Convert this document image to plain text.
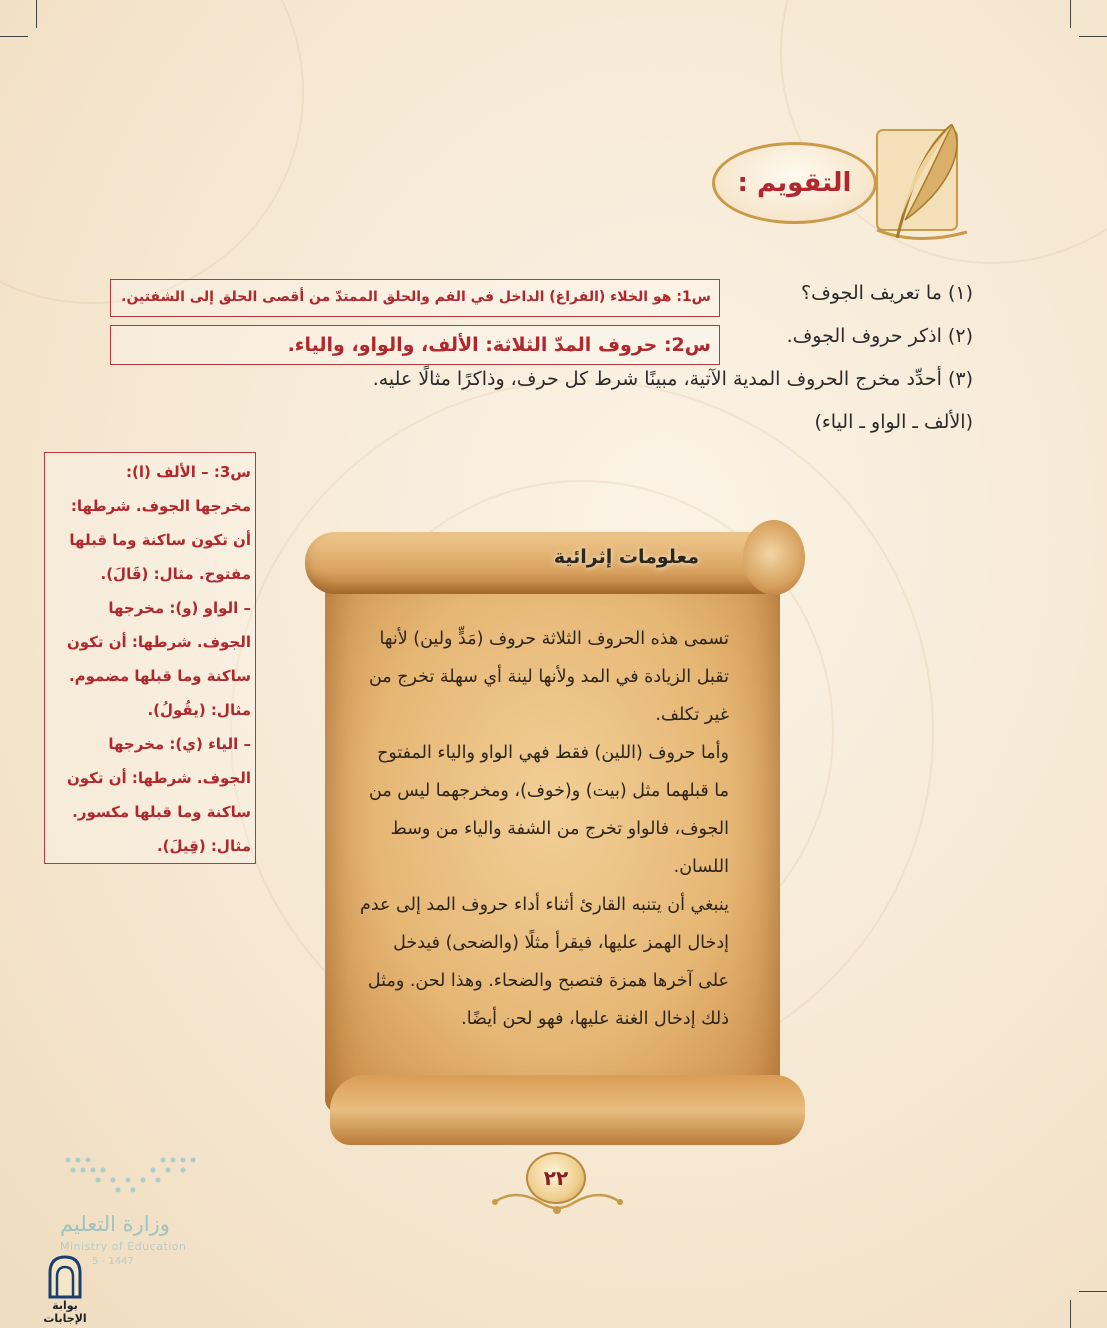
التقويم :
(١) ما تعريف الجوف؟
(٢) اذكر حروف الجوف.
(٣) أحدِّد مخرج الحروف المدية الآتية، مبينًا شرط كل حرف، وذاكرًا مثالًا عليه.
(الألف ـ الواو ـ الياء)
س1: هو الخلاء (الفراغ) الداخل في الفم والحلق الممتدّ من أقصى الحلق إلى الشفتين.
س2: حروف المدّ الثلاثة: الألف، والواو، والياء.
س3: – الألف (ا):
مخرجها الجوف. شرطها:
أن تكون ساكنة وما قبلها
مفتوح. مثال: (قَالَ).
– الواو (و): مخرجها
الجوف. شرطها: أن تكون
ساكنة وما قبلها مضموم.
مثال: (يقُولُ).
– الياء (ي): مخرجها
الجوف. شرطها: أن تكون
ساكنة وما قبلها مكسور.
مثال: (قِيلَ).
معلومات إثرائية

تسمى هذه الحروف الثلاثة حروف (مَدٍّ ولين) لأنها تقبل الزيادة في المد ولأنها لينة أي سهلة تخرج من غير تكلف.

وأما حروف (اللين) فقط فهي الواو والياء المفتوح ما قبلهما مثل (بيت) و(خوف)، ومخرجهما ليس من الجوف، فالواو تخرج من الشفة والياء من وسط اللسان.

ينبغي أن يتنبه القارئ أثناء أداء حروف المد إلى عدم إدخال الهمز عليها، فيقرأ مثلًا (والضحى) فيدخل على آخرها همزة فتصبح والضحاء. وهذا لحن. ومثل ذلك إدخال الغنة عليها، فهو لحن أيضًا.

٢٢
وزارة التعليم
Ministry of Education
5 - 1447
بوابة الإجابات
